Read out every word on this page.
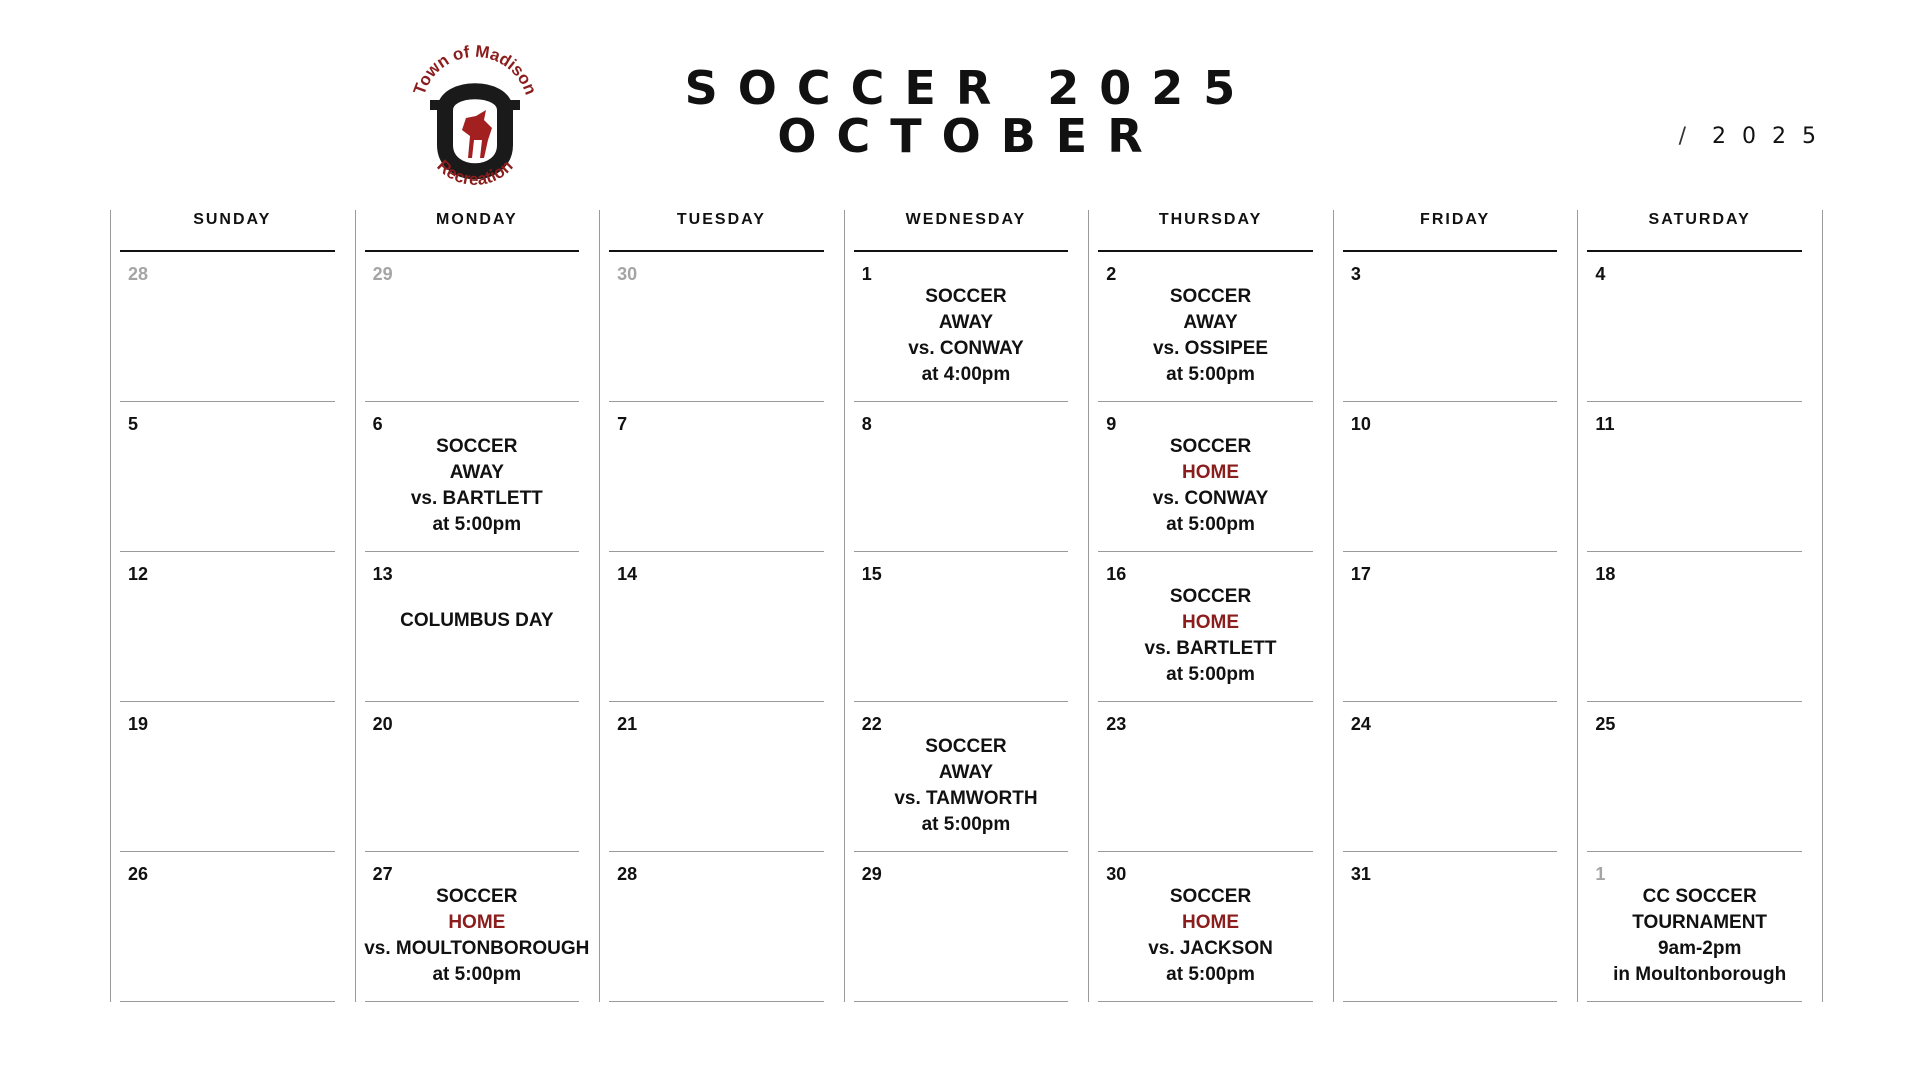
Town of Madison
Recreation
SOCCER 2025
OCTOBER	/ 2025
SUNDAY
28
5
12
19
26
MONDAY
29
6
SOCCER
AWAY
vs. BARTLETT
at 5:00pm
13
COLUMBUS DAY
20
27
SOCCER
HOME
vs. MOULTONBOROUGH
at 5:00pm
TUESDAY
30
7
14
21
28
WEDNESDAY
1
SOCCER
AWAY
vs. CONWAY
at 4:00pm
8
15
22
SOCCER
AWAY
vs. TAMWORTH
at 5:00pm
29
THURSDAY
2
SOCCER
AWAY
vs. OSSIPEE
at 5:00pm
9
SOCCER
HOME
vs. CONWAY
at 5:00pm
16
SOCCER
HOME
vs. BARTLETT
at 5:00pm
23
30
SOCCER
HOME
vs. JACKSON
at 5:00pm
FRIDAY
3
10
17
24
31
SATURDAY
4
11
18
25
1
CC SOCCER
TOURNAMENT
9am-2pm
in Moultonborough
